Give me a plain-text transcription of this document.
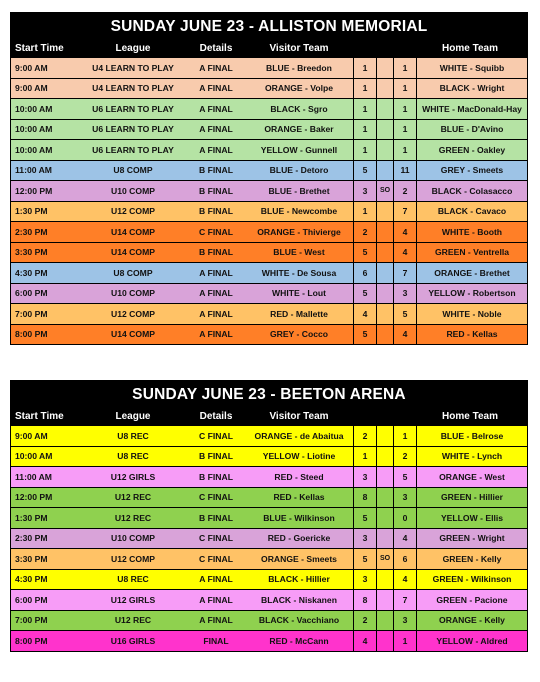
SUNDAY JUNE 23 - ALLISTON MEMORIAL
Start Time	League	Details	Visitor Team	Home Team
9:00 AM	U4 LEARN TO PLAY	A FINAL	BLUE - Breedon	1	1	WHITE - Squibb
9:00 AM	U4 LEARN TO PLAY	A FINAL	ORANGE - Volpe	1	1	BLACK - Wright
10:00 AM	U6 LEARN TO PLAY	A FINAL	BLACK - Sgro	1	1	WHITE - MacDonald-Hay
10:00 AM	U6 LEARN TO PLAY	A FINAL	ORANGE - Baker	1	1	BLUE - D'Avino
10:00 AM	U6 LEARN TO PLAY	A FINAL	YELLOW - Gunnell	1	1	GREEN - Oakley
11:00 AM	U8 COMP	B FINAL	BLUE - Detoro	5	11	GREY - Smeets
12:00 PM	U10 COMP	B FINAL	BLUE - Brethet	3	SO	2	BLACK - Colasacco
1:30 PM	U12 COMP	B FINAL	BLUE - Newcombe	1	7	BLACK - Cavaco
2:30 PM	U14 COMP	C FINAL	ORANGE - Thivierge	2	4	WHITE - Booth
3:30 PM	U14 COMP	B FINAL	BLUE - West	5	4	GREEN - Ventrella
4:30 PM	U8 COMP	A FINAL	WHITE - De Sousa	6	7	ORANGE - Brethet
6:00 PM	U10 COMP	A FINAL	WHITE - Lout	5	3	YELLOW - Robertson
7:00 PM	U12 COMP	A FINAL	RED - Mallette	4	5	WHITE - Noble
8:00 PM	U14 COMP	A FINAL	GREY - Cocco	5	4	RED - Kellas
SUNDAY JUNE 23 - BEETON ARENA
Start Time	League	Details	Visitor Team	Home Team
9:00 AM	U8 REC	C FINAL	ORANGE - de Abaitua	2	1	BLUE - Belrose
10:00 AM	U8 REC	B FINAL	YELLOW - Liotine	1	2	WHITE - Lynch
11:00 AM	U12 GIRLS	B FINAL	RED - Steed	3	5	ORANGE - West
12:00 PM	U12 REC	C FINAL	RED - Kellas	8	3	GREEN - Hillier
1:30 PM	U12 REC	B FINAL	BLUE - Wilkinson	5	0	YELLOW - Ellis
2:30 PM	U10 COMP	C FINAL	RED - Goericke	3	4	GREEN - Wright
3:30 PM	U12 COMP	C FINAL	ORANGE - Smeets	5	SO	6	GREEN - Kelly
4:30 PM	U8 REC	A FINAL	BLACK - Hillier	3	4	GREEN - Wilkinson
6:00 PM	U12 GIRLS	A FINAL	BLACK - Niskanen	8	7	GREEN - Pacione
7:00 PM	U12 REC	A FINAL	BLACK - Vacchiano	2	3	ORANGE - Kelly
8:00 PM	U16 GIRLS	FINAL	RED - McCann	4	1	YELLOW - Aldred
